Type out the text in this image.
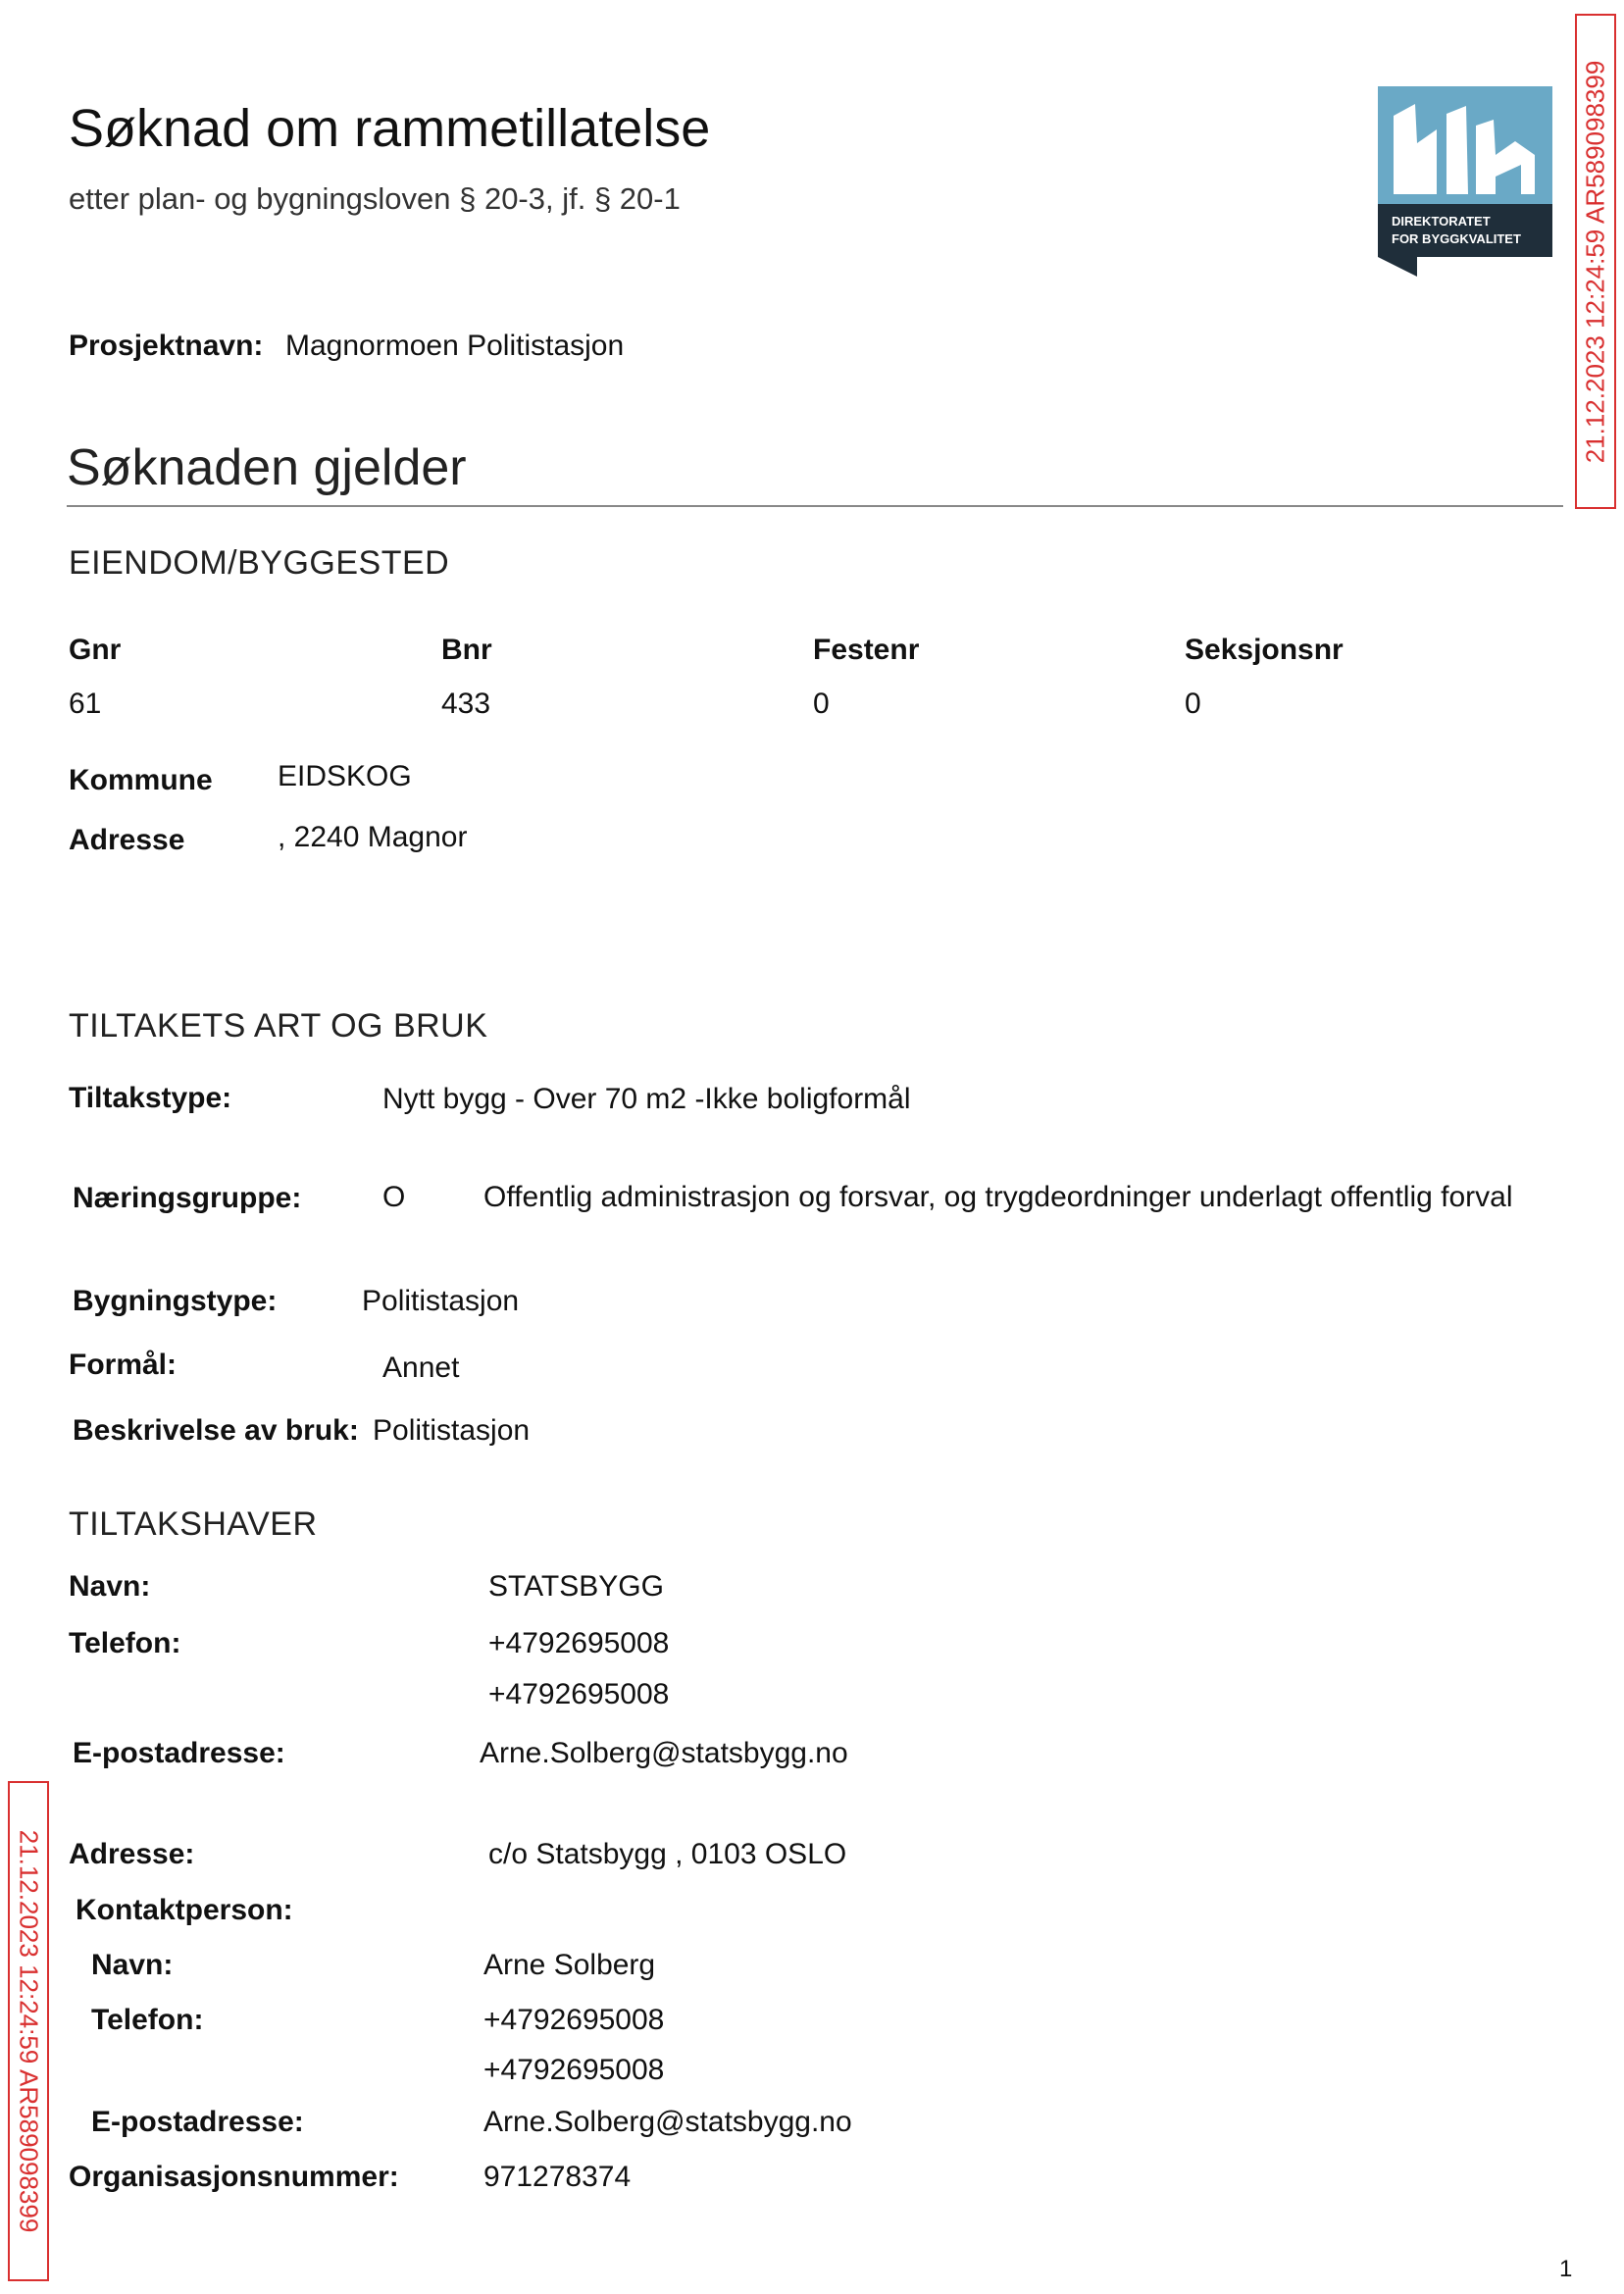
Søknad om rammetillatelse
etter plan- og bygningsloven § 20-3, jf. § 20-1
DIREKTORATET
FOR BYGGKVALITET 21.12.2023 12:24:59 AR589098399
21.12.2023 12:24:59 AR589098399
Prosjektnavn: Magnormoen Politistasjon
Søknaden gjelder
EIENDOM/BYGGESTED
Gnr	Bnr	Festenr	Seksjonsnr
61	433	0	0
Kommune EIDSKOG
Adresse	, 2240 Magnor
TILTAKETS ART OG BRUK
Tiltakstype:	Nytt bygg - Over 70 m2 -Ikke boligformål
Næringsgruppe:	O	Offentlig administrasjon og forsvar, og trygdeordninger underlagt offentlig forval
Bygningstype:	Politistasjon
Formål:	Annet
Beskrivelse av bruk: Politistasjon
TILTAKSHAVER
Navn:	STATSBYGG
Telefon:	+4792695008
+4792695008
E-postadresse:	Arne.Solberg@statsbygg.no
Adresse:	c/o Statsbygg , 0103 OSLO
Kontaktperson:
Navn:	Arne Solberg
Telefon:	+4792695008
+4792695008
E-postadresse:	Arne.Solberg@statsbygg.no
Organisasjonsnummer:	971278374
1
